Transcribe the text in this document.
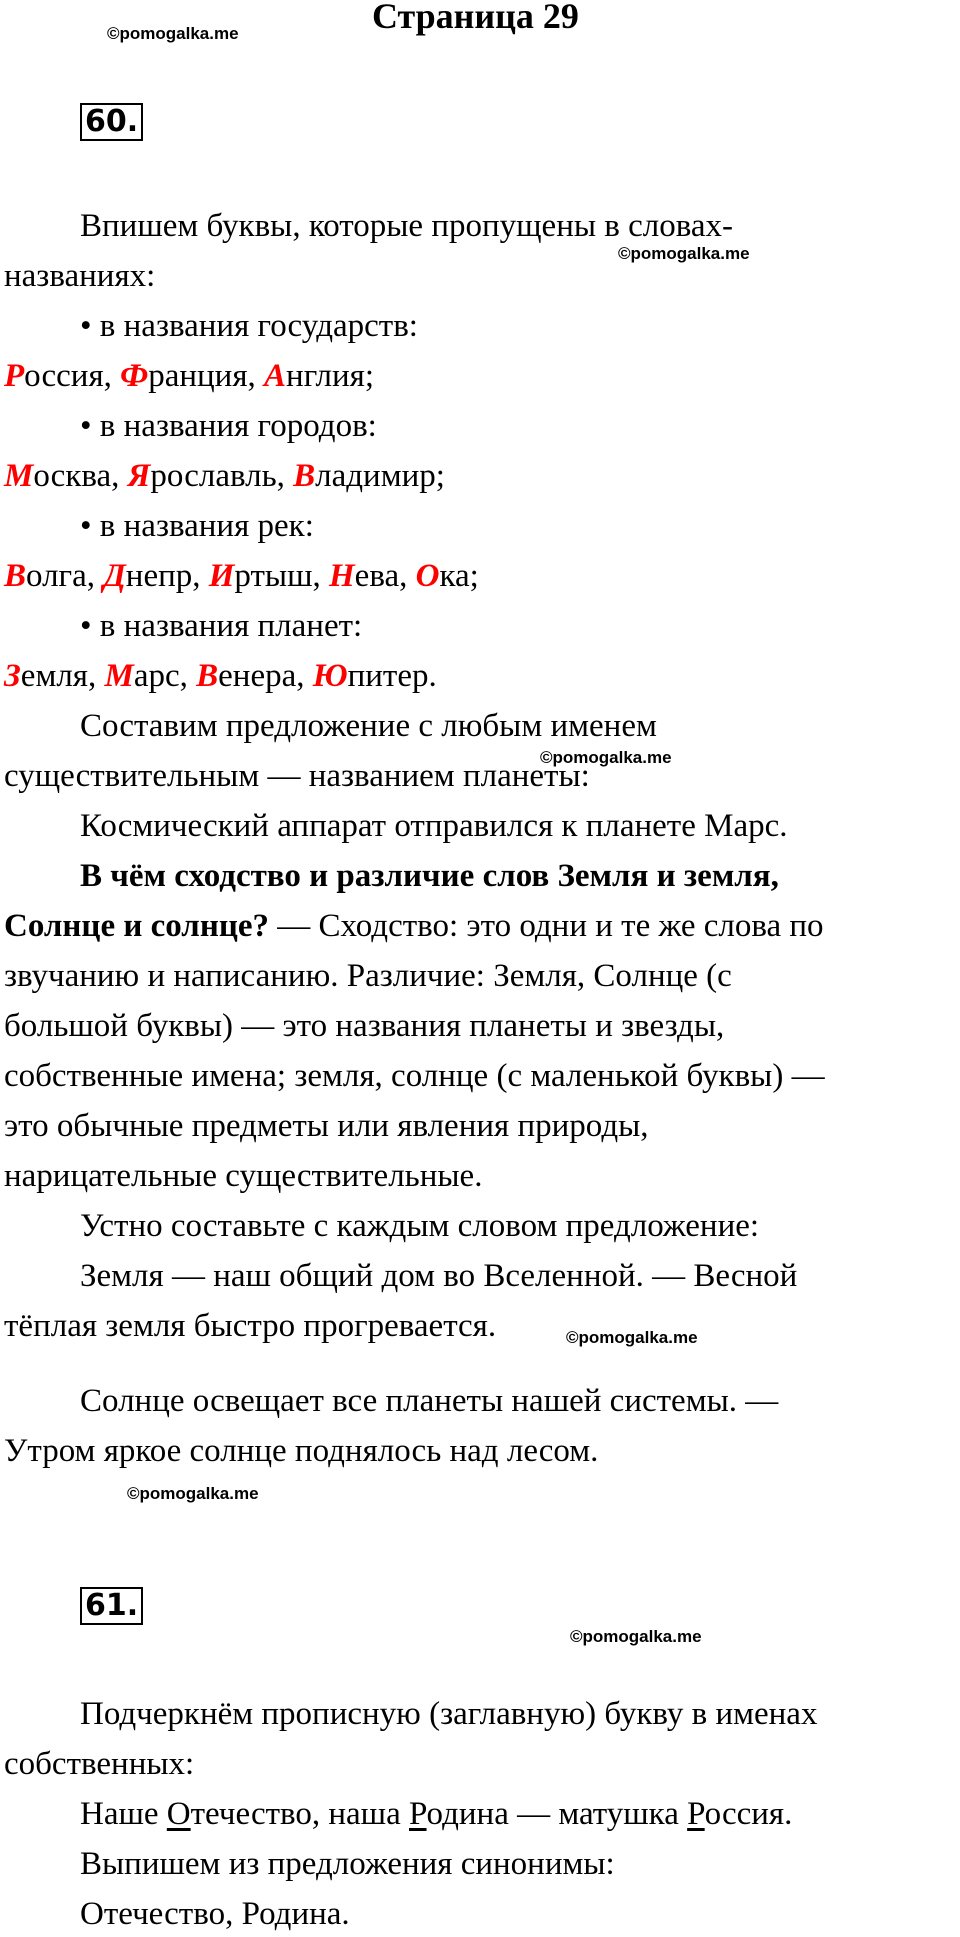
Страница 29
©pomogalka.me
60.
Впишем буквы, которые пропущены в словах-
©pomogalka.me
названиях:
• в названия государств:
Россия, Франция, Англия;
• в названия городов:
Москва, Ярославль, Владимир;
• в названия рек:
Волга, Днепр, Иртыш, Нева, Ока;
• в названия планет:
Земля, Марс, Венера, Юпитер.
Составим предложение с любым именем
©pomogalka.me
существительным — названием планеты:
Космический аппарат отправился к планете Марс.
В чём сходство и различие слов Земля и земля,
Солнце и солнце? — Сходство: это одни и те же слова по
звучанию и написанию. Различие: Земля, Солнце (с
большой буквы) — это названия планеты и звезды,
собственные имена; земля, солнце (с маленькой буквы) —
это обычные предметы или явления природы,
нарицательные существительные.
Устно составьте с каждым словом предложение:
Земля — наш общий дом во Вселенной. — Весной
тёплая земля быстро прогревается.	©pomogalka.me
Солнце освещает все планеты нашей системы. —
Утром яркое солнце поднялось над лесом.
©pomogalka.me
61.
©pomogalka.me
Подчеркнём прописную (заглавную) букву в именах
собственных:
Наше Отечество, наша Родина — матушка Россия.
Выпишем из предложения синонимы:
Отечество, Родина.
